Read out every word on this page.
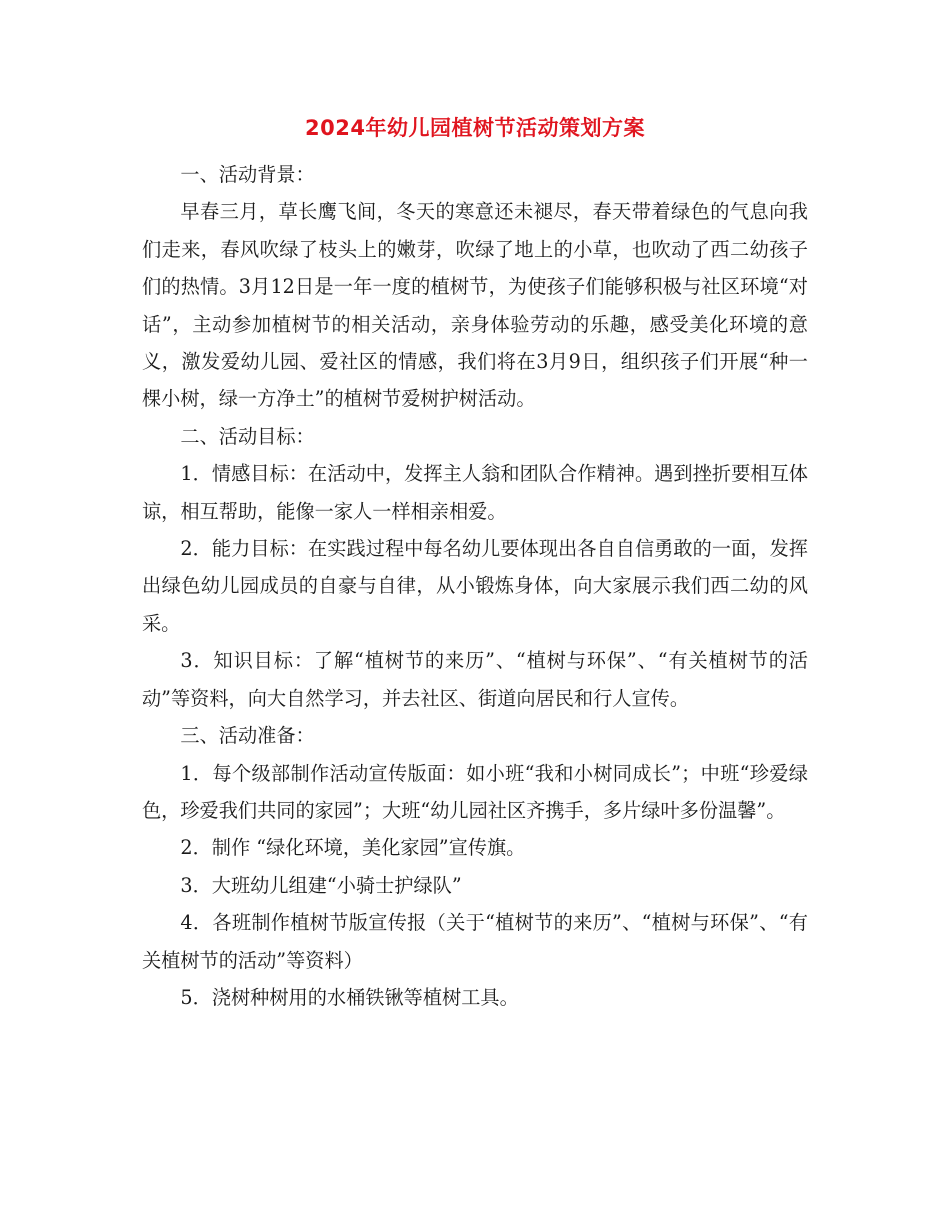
2024年幼儿园植树节活动策划方案

一、活动背景：

早春三月，草长鹰飞间，冬天的寒意还未褪尽，春天带着绿色的气息向我们走来，春风吹绿了枝头上的嫩芽，吹绿了地上的小草，也吹动了西二幼孩子们的热情。3月12日是一年一度的植树节，为使孩子们能够积极与社区环境“对话”，主动参加植树节的相关活动，亲身体验劳动的乐趣，感受美化环境的意义，激发爱幼儿园、爱社区的情感，我们将在3月9日，组织孩子们开展“种一棵小树，绿一方净土”的植树节爱树护树活动。

二、活动目标：

1．情感目标：在活动中，发挥主人翁和团队合作精神。遇到挫折要相互体谅，相互帮助，能像一家人一样相亲相爱。

2．能力目标：在实践过程中每名幼儿要体现出各自自信勇敢的一面，发挥出绿色幼儿园成员的自豪与自律，从小锻炼身体，向大家展示我们西二幼的风采。

3．知识目标：了解“植树节的来历”、“植树与环保”、“有关植树节的活动”等资料，向大自然学习，并去社区、街道向居民和行人宣传。

三、活动准备：

1．每个级部制作活动宣传版面：如小班“我和小树同成长”；中班“珍爱绿色，珍爱我们共同的家园”；大班“幼儿园社区齐携手，多片绿叶多份温馨”。

2．制作 “绿化环境，美化家园”宣传旗。

3．大班幼儿组建“小骑士护绿队”

4．各班制作植树节版宣传报（关于“植树节的来历”、“植树与环保”、“有关植树节的活动”等资料）

5．浇树种树用的水桶铁锹等植树工具。
